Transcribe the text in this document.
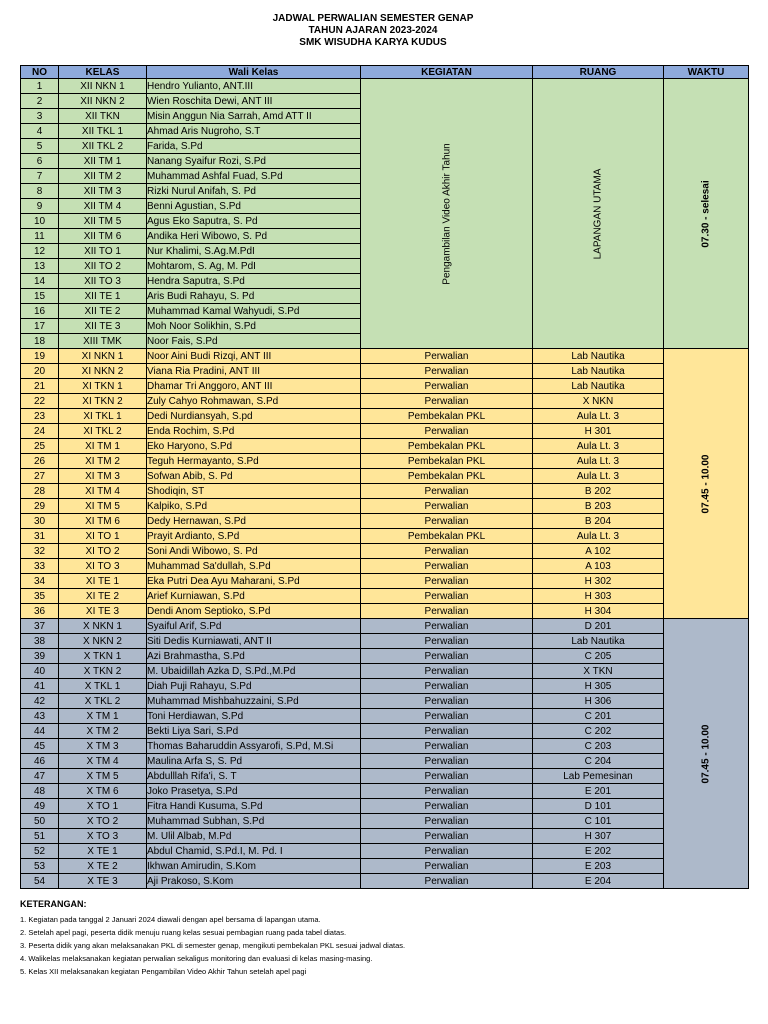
JADWAL PERWALIAN SEMESTER GENAP
TAHUN AJARAN 2023-2024
SMK WISUDHA KARYA KUDUS
NO	KELAS	Wali Kelas	KEGIATAN	RUANG	WAKTU
1	XII NKN 1	Hendro Yulianto, ANT.III	Pengambilan Video Akhir Tahun	LAPANGAN UTAMA	07.30 - selesai

2	XII NKN 2	Wien Roschita Dewi, ANT III			
3	XII TKN	Misin Anggun Nia Sarrah, Amd ATT II			
4	XII TKL 1	Ahmad Aris Nugroho, S.T			
5	XII TKL 2	Farida, S.Pd			
6	XII TM 1	Nanang Syaifur Rozi, S.Pd			
7	XII TM 2	Muhammad Ashfal Fuad, S.Pd			
8	XII TM 3	Rizki Nurul Anifah, S. Pd			
9	XII TM 4	Benni Agustian, S.Pd			
10	XII TM 5	Agus Eko Saputra, S. Pd			
11	XII TM 6	Andika Heri Wibowo, S. Pd			
12	XII TO 1	Nur Khalimi, S.Ag.M.PdI			
13	XII TO 2	Mohtarom, S. Ag, M. PdI			
14	XII TO 3	Hendra Saputra, S.Pd			
15	XII TE 1	Aris Budi Rahayu, S. Pd			
16	XII TE 2	Muhammad Kamal Wahyudi, S.Pd			
17	XII TE 3	Moh Noor Solikhin, S.Pd			
18	XIII TMK	Noor Fais, S.Pd			
19	XI NKN 1	Noor Aini Budi Rizqi, ANT III	Perwalian	Lab Nautika	07.45 - 10.00

20	XI NKN 2	Viana Ria Pradini, ANT III	Perwalian	Lab Nautika	
21	XI TKN 1	Dhamar Tri Anggoro, ANT III	Perwalian	Lab Nautika	
22	XI TKN 2	Zuly Cahyo Rohmawan, S.Pd	Perwalian	X NKN	
23	XI TKL 1	Dedi Nurdiansyah, S.pd	Pembekalan PKL	Aula Lt. 3	
24	XI TKL 2	Enda Rochim, S.Pd	Perwalian	H 301	
25	XI TM 1	Eko Haryono, S.Pd	Pembekalan PKL	Aula Lt. 3	
26	XI TM 2	Teguh Hermayanto, S.Pd	Pembekalan PKL	Aula Lt. 3	
27	XI TM 3	Sofwan Abib, S. Pd	Pembekalan PKL	Aula Lt. 3	
28	XI TM 4	Shodiqin, ST	Perwalian	B 202	
29	XI TM 5	Kalpiko, S.Pd	Perwalian	B 203	
30	XI TM 6	Dedy Hernawan, S.Pd	Perwalian	B 204	
31	XI TO 1	Prayit Ardianto, S.Pd	Pembekalan PKL	Aula Lt. 3	
32	XI TO 2	Soni Andi Wibowo, S. Pd	Perwalian	A 102	
33	XI TO 3	Muhammad Sa'dullah, S.Pd	Perwalian	A 103	
34	XI TE 1	Eka Putri Dea Ayu Maharani, S.Pd	Perwalian	H 302	
35	XI TE 2	Arief Kurniawan, S.Pd	Perwalian	H 303	
36	XI TE 3	Dendi Anom Septioko, S.Pd	Perwalian	H 304	
37	X NKN 1	Syaiful Arif, S.Pd	Perwalian	D 201	07.45 - 10.00

38	X NKN 2	Siti Dedis Kurniawati, ANT II	Perwalian	Lab Nautika	
39	X TKN 1	Azi Brahmastha, S.Pd	Perwalian	C 205	
40	X TKN 2	M. Ubaidillah Azka D, S.Pd.,M.Pd	Perwalian	X TKN	
41	X TKL 1	Diah Puji Rahayu, S.Pd	Perwalian	H 305	
42	X TKL 2	Muhammad Mishbahuzzaini, S.Pd	Perwalian	H 306	
43	X TM 1	Toni Herdiawan, S.Pd	Perwalian	C 201	
44	X TM 2	Bekti Liya Sari, S.Pd	Perwalian	C 202	
45	X TM 3	Thomas Baharuddin Assyarofi, S.Pd, M.Si	Perwalian	C 203	
46	X TM 4	Maulina Arfa S, S. Pd	Perwalian	C 204	
47	X TM 5	Abdulllah Rifa'i, S. T	Perwalian	Lab Pemesinan	
48	X TM 6	Joko Prasetya, S.Pd	Perwalian	E 201	
49	X TO 1	Fitra Handi Kusuma, S.Pd	Perwalian	D 101	
50	X TO 2	Muhammad Subhan, S.Pd	Perwalian	C 101	
51	X TO 3	M. Ulil Albab, M.Pd	Perwalian	H 307	
52	X TE 1	Abdul Chamid, S.Pd.I, M. Pd. I	Perwalian	E 202	
53	X TE 2	Ikhwan Amirudin, S.Kom	Perwalian	E 203	
54	X TE 3	Aji Prakoso, S.Kom	Perwalian	E 204	
KETERANGAN:
1. Kegiatan pada tanggal 2 Januari 2024 diawali dengan apel bersama di lapangan utama.
2. Setelah apel pagi, peserta didik menuju ruang kelas sesuai pembagian ruang pada tabel diatas.
3. Peserta didik yang akan melaksanakan PKL di semester genap, mengikuti pembekalan PKL sesuai jadwal diatas.
4. Walikelas melaksanakan kegiatan perwalian sekaligus monitoring dan evaluasi di kelas masing-masing.
5. Kelas XII melaksanakan kegiatan Pengambilan Video Akhir Tahun setelah apel pagi
